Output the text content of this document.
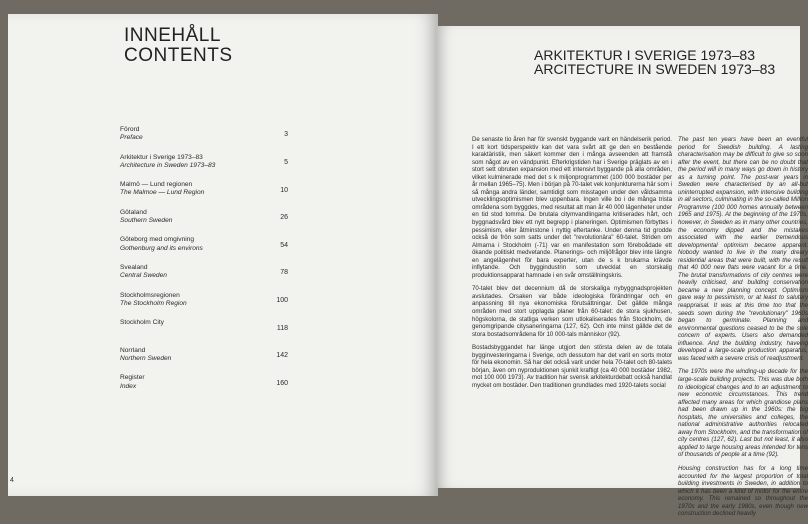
INNEHÅLL
CONTENTS
Förord
Preface	3
Arkitektur i Sverige 1973–83
Architecture in Sweden 1973–83	5
Malmö — Lund regionen
The Malmoe — Lund Region	10
Götaland
Southern Sweden	26
Göteborg med omgivning
Gothenburg and its environs	54
Svealand
Central Sweden	78
Stockholmsregionen
The Stockholm Region	100
Stockholm City
118
Norrland
Northern Sweden	142
Register
Index	160
4
ARKITEKTUR I SVERIGE 1973–83
ARCITECTURE IN SWEDEN 1973–83

De senaste tio åren har för svenskt byggande varit en händelserik period. I ett kort tidsperspektiv kan det vara svårt att ge den en bestående karaktäristik, men säkert kommer den i många avseenden att framstå som något av en vändpunkt. Efterkrigstiden har i Sverige präglats av en i stort sett obruten expansion med ett intensivt byggande på alla områden, vilket kulminerade med det s k miljonprogrammet (100 000 bostäder per år mellan 1965–75). Men i början på 70-talet vek konjunkturerna här som i så många andra länder, samtidigt som misstagen under den våldsamma utvecklingsoptimismen blev uppenbara. Ingen ville bo i de många trista områdena som byggdes, med resultat att man år 40 000 lägenheter under en tid stod tomma. De brutala citymvandlingarna kritiserades hårt, och byggnadsvård blev ett nytt begrepp i planeringen. Optimismen förbyttes i pessimism, eller åtminstone i nyttig eftertanke. Under denna tid grodde också de frön som satts under det "revolutionära" 60-talet. Striden om Almarna i Stockholm (-71) var en manifestation som föreboådade ett ökande politiskt medvetande. Planerings- och miljöfrågor blev inte längre en angelägenhet för bara experter, utan de s k brukarna krävde inflytande. Och byggindustrin som utvecklat en storskalig produktionsapparat hamnade i en svår omställningskris.

70-talet blev det decennium då de storskaliga nybyggnadsprojekten avslutades. Orsaken var både ideologiska förändringar och en anpassning till nya ekonomiska förutsättningar. Det gällde många områden med stort upplagda planer från 60-talet: de stora sjukhusen, högskolorna, de statliga verken som utlokaliserades från Stockholm, de genomgripande citysaneringarna (127, 62). Och inte minst gällde det de stora bostadsområdena för 10 000-tals människor (92).

Bostadsbyggandet har länge utgjort den största delen av de totala bygginvesteringarna i Sverige, och dessutom har det varit en sorts motor för hela ekonomin. Så har det också varit under hela 70-talet och 80-talets början, även om nyproduktionen sjunkit kraftigt (ca 40 000 bostäder 1982, mot 100 000 1973). Av tradition har svensk arkitekturdebatt också handlat mycket om bostäder. Den traditionen grundlades med 1920-talets social

The past ten years have been an eventful period for Swedish building. A lasting characterisation may be difficult to give so soon after the event, but there can be no doubt that the period will in many ways go down in history as a turning point. The post-war years in Sweden were characterised by an all-but uninterrupted expansion, with intensive building in all sectors, culminating in the so-called Million Programme (100 000 homes annually between 1965 and 1975). At the beginning of the 1970s, however, in Sweden as in many other countries, the economy dipped and the mistakes associated with the earlier tremendous developmental optimism became apparent. Nobody wanted to live in the many dreary residential areas that were built, with the result that 40 000 new flats were vacant for a time. The brutal transformations of city centres were heavily criticised, and building conservation became a new planning concept. Optimism gave way to pessimism, or at least to salutary reappraisal. It was at this time too that the seeds sown during the "revolutionary" 1960s began to germinate. Planning and environmental questions ceased to be the sole concern of experts. Users also demanded influence. And the building industry, haveing developed a large-scale production apparatus, was faced with a severe crisis of readjustment.

The 1970s were the winding-up decade for the large-scale building projects. This was due both to ideological changes and to an adjustment to new economic circumstances. This trend affected many areas for which grandiose plans had been drawn up in the 1960s: the big hospitals, the universities and colleges, the national administrative authorities relocated away from Stockholm, and the transformation of city centres (127, 62). Last but not least, it also applied to large housing areas intended for tens of thousands of people at a time (92).

Housing construction has for a long time accounted for the largest proportion of total building investments in Sweden, in addition to which it has been a kind of motor for the entire economy. This remained so throughout the 1970s and the early 1980s, even though new construction declined heavily
